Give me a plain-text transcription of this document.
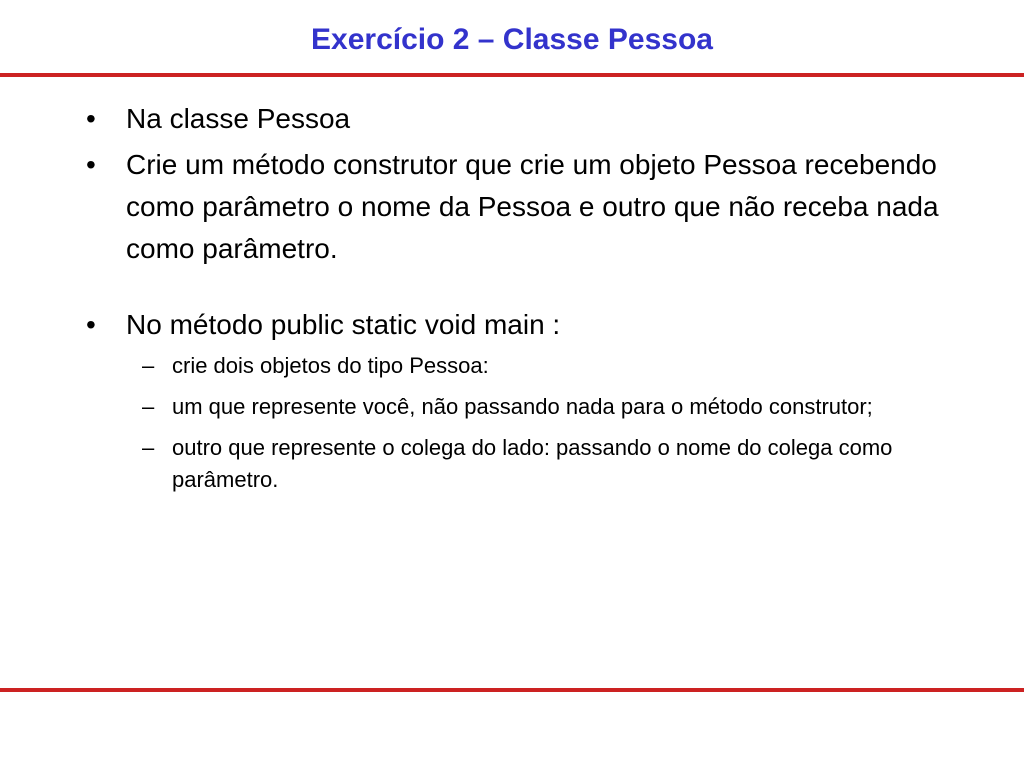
Exercício 2 – Classe Pessoa
• Na classe Pessoa
• Crie um método construtor que crie um objeto Pessoa recebendo como parâmetro o nome da Pessoa e outro que não receba nada como parâmetro.
• No método public static void main :
– crie dois objetos do tipo Pessoa:
– um que represente você, não passando nada para o método construtor;
– outro que represente o colega do lado: passando o nome do colega como parâmetro.
